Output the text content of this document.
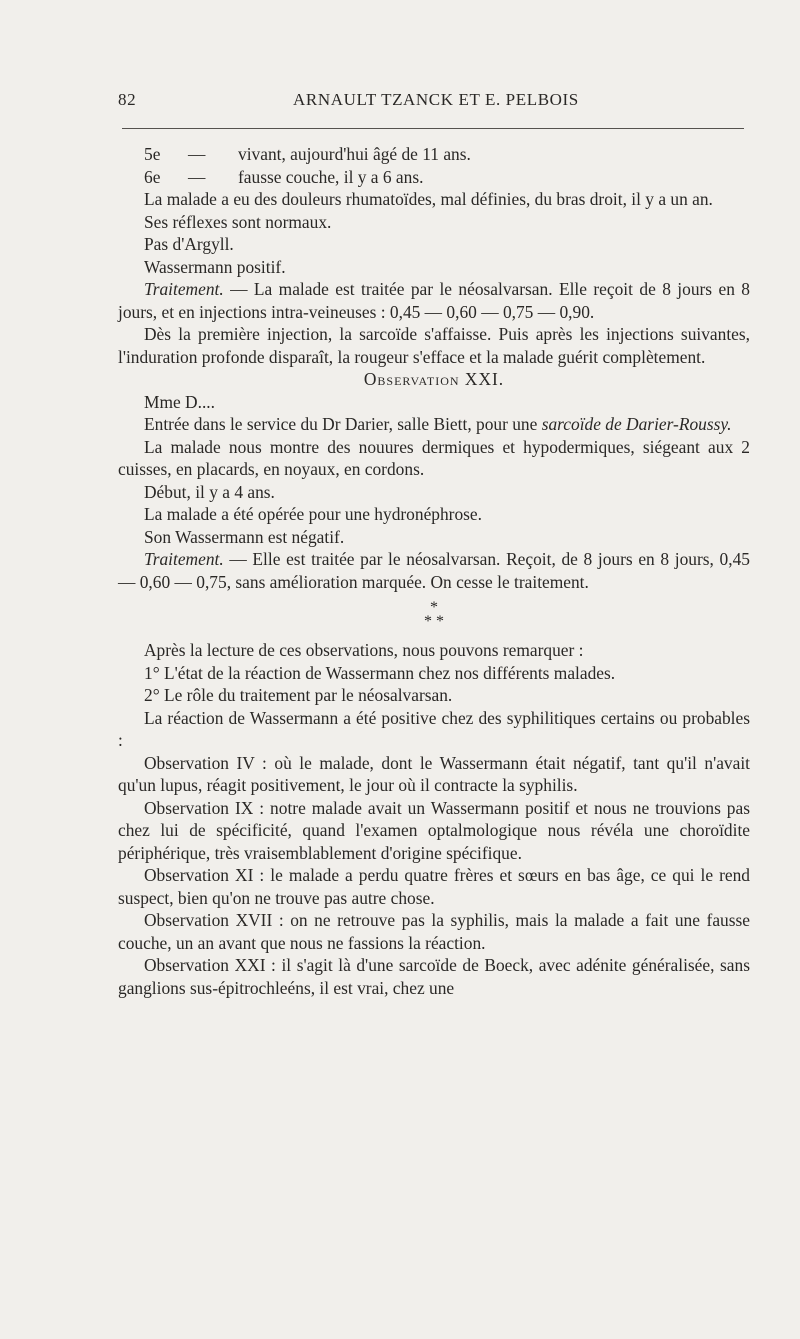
82	ARNAULT TZANCK ET E. PELBOIS

5e — vivant, aujourd'hui âgé de 11 ans.

6e — fausse couche, il y a 6 ans.

La malade a eu des douleurs rhumatoïdes, mal définies, du bras droit, il y a un an.

Ses réflexes sont normaux.

Pas d'Argyll.

Wassermann positif.

Traitement. — La malade est traitée par le néosalvarsan. Elle reçoit de 8 jours en 8 jours, et en injections intra-veineuses : 0,45 — 0,60 — 0,75 — 0,90.

Dès la première injection, la sarcoïde s'affaisse. Puis après les injections suivantes, l'induration profonde disparaît, la rougeur s'efface et la malade guérit complètement.

Observation XXI.

Mme D....

Entrée dans le service du Dr Darier, salle Biett, pour une sarcoïde de Darier-Roussy.

La malade nous montre des nouures dermiques et hypodermiques, siégeant aux 2 cuisses, en placards, en noyaux, en cordons.

Début, il y a 4 ans.

La malade a été opérée pour une hydronéphrose.

Son Wassermann est négatif.

Traitement. — Elle est traitée par le néosalvarsan. Reçoit, de 8 jours en 8 jours, 0,45 — 0,60 — 0,75, sans amélioration marquée. On cesse le traitement.

*
* *

Après la lecture de ces observations, nous pouvons remarquer :

1° L'état de la réaction de Wassermann chez nos différents malades.

2° Le rôle du traitement par le néosalvarsan.

La réaction de Wassermann a été positive chez des syphilitiques certains ou probables :

Observation IV : où le malade, dont le Wassermann était négatif, tant qu'il n'avait qu'un lupus, réagit positivement, le jour où il contracte la syphilis.

Observation IX : notre malade avait un Wassermann positif et nous ne trouvions pas chez lui de spécificité, quand l'examen optalmologique nous révéla une choroïdite périphérique, très vraisemblablement d'origine spécifique.

Observation XI : le malade a perdu quatre frères et sœurs en bas âge, ce qui le rend suspect, bien qu'on ne trouve pas autre chose.

Observation XVII : on ne retrouve pas la syphilis, mais la malade a fait une fausse couche, un an avant que nous ne fassions la réaction.

Observation XXI : il s'agit là d'une sarcoïde de Boeck, avec adénite généralisée, sans ganglions sus-épitrochleéns, il est vrai, chez une
